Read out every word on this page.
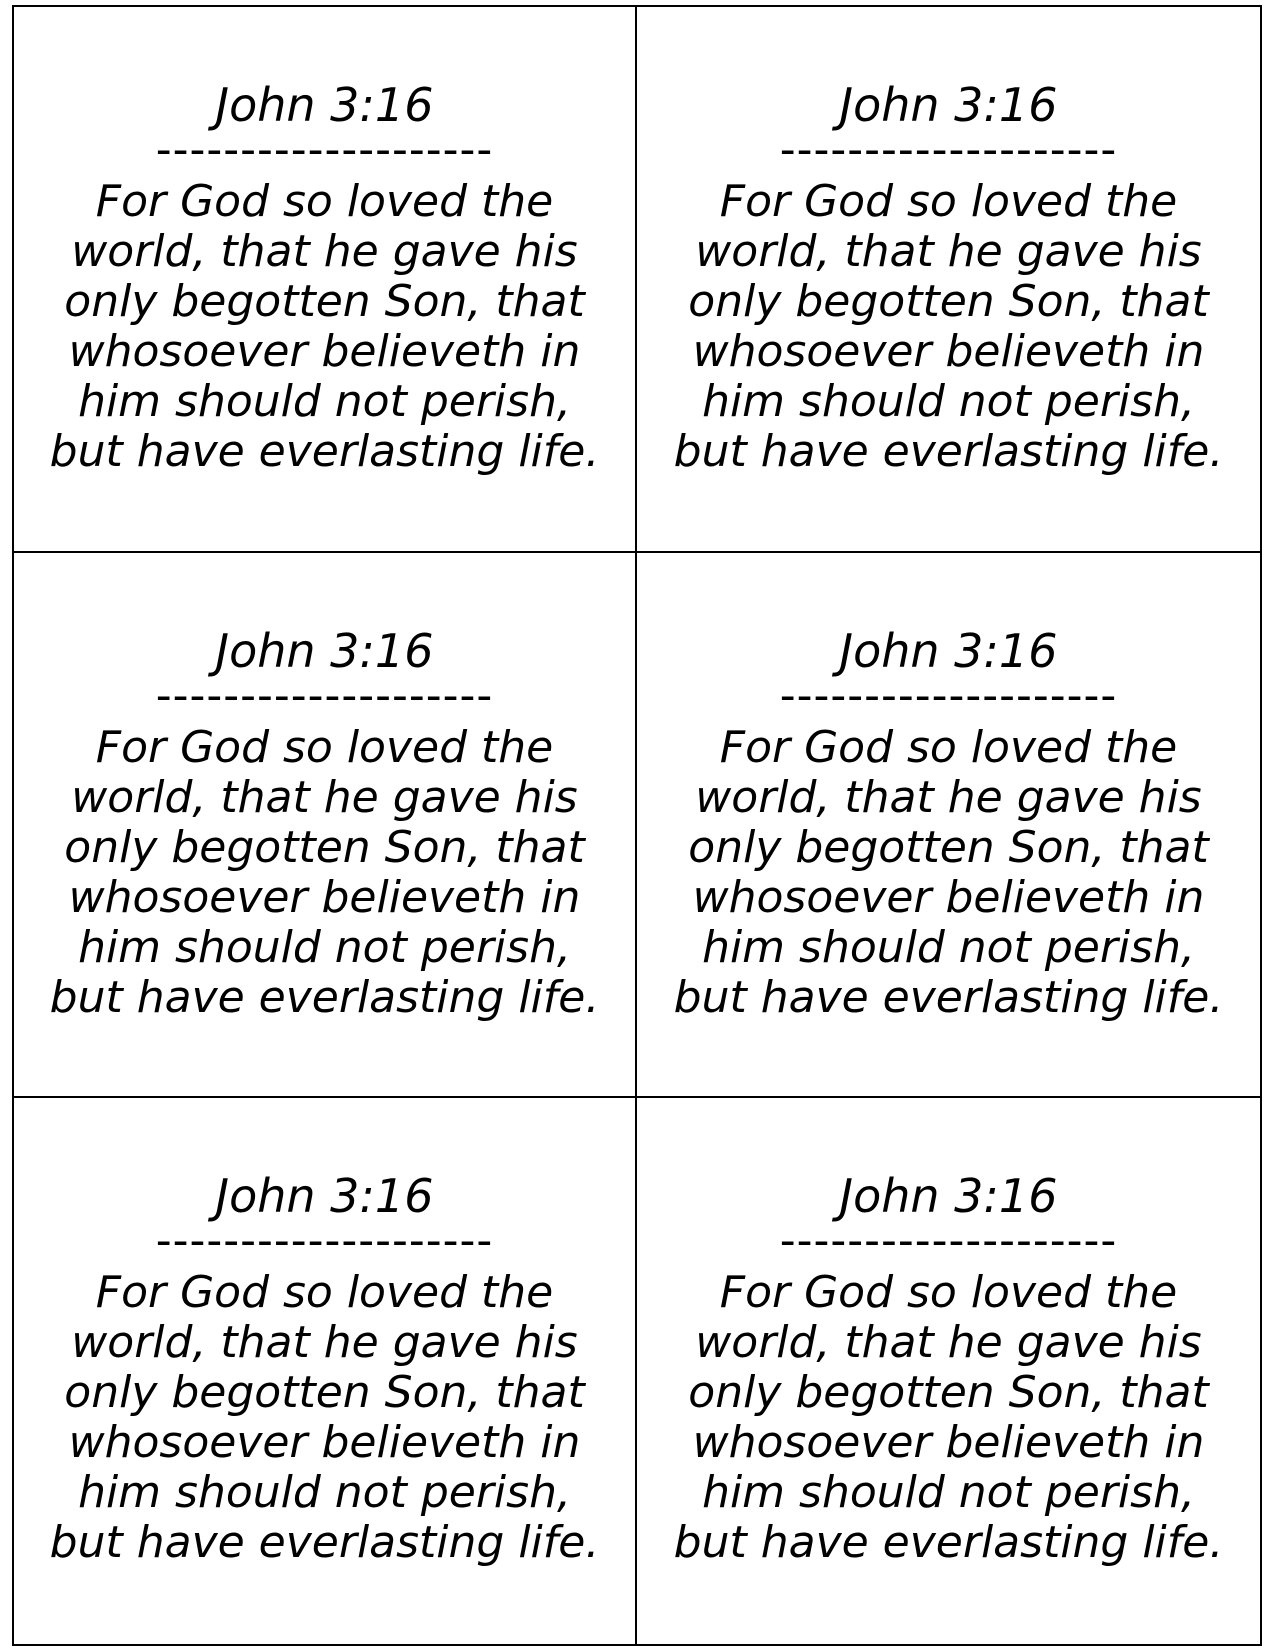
John 3:16
--------------------
For God so loved the
world, that he gave his
only begotten Son, that
whosoever believeth in
him should not perish,
but have everlasting life.
John 3:16
--------------------
For God so loved the
world, that he gave his
only begotten Son, that
whosoever believeth in
him should not perish,
but have everlasting life.
John 3:16
--------------------
For God so loved the
world, that he gave his
only begotten Son, that
whosoever believeth in
him should not perish,
but have everlasting life.
John 3:16
--------------------
For God so loved the
world, that he gave his
only begotten Son, that
whosoever believeth in
him should not perish,
but have everlasting life.
John 3:16
--------------------
For God so loved the
world, that he gave his
only begotten Son, that
whosoever believeth in
him should not perish,
but have everlasting life.
John 3:16
--------------------
For God so loved the
world, that he gave his
only begotten Son, that
whosoever believeth in
him should not perish,
but have everlasting life.
